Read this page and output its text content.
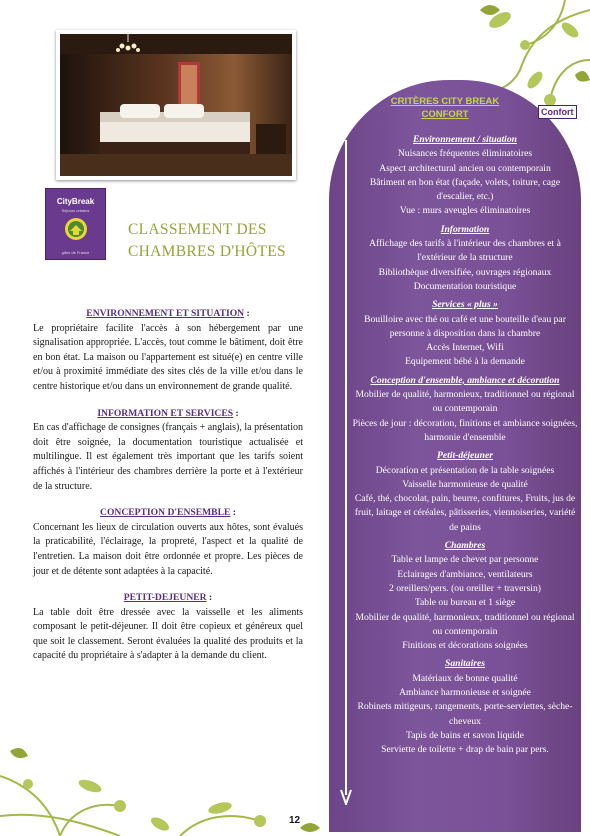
CityBreak
Séjours urbains
gîtes de France
CLASSEMENT DES
CHAMBRES D'HÔTES
ENVIRONNEMENT ET SITUATION :
Le propriétaire facilite l'accès à son hébergement par une signalisation appropriée. L'accès, tout comme le bâtiment, doit être en bon état. La maison ou l'appartement est situé(e) en centre ville et/ou à proximité immédiate des sites clés de la ville et/ou dans le centre historique et/ou dans un environnement de grande qualité.
INFORMATION ET SERVICES :
En cas d'affichage de consignes (français + anglais), la présentation doit être soignée, la documentation touristique actualisée et multilingue. Il est également très important que les tarifs soient affichés à l'intérieur des chambres derrière la porte et à l'extérieur de la structure.
CONCEPTION D'ENSEMBLE :
Concernant les lieux de circulation ouverts aux hôtes, sont évalués la praticabilité, l'éclairage, la propreté, l'aspect et la qualité de l'entretien. La maison doit être ordonnée et propre. Les pièces de jour et de détente sont adaptées à la capacité.
PETIT-DEJEUNER :
La table doit être dressée avec la vaisselle et les aliments composant le petit-déjeuner. Il doit être copieux et généreux quel que soit le classement. Seront évaluées la qualité des produits et la capacité du propriétaire à s'adapter à la demande du client.
CRITÈRES CITY BREAK CONFORT	Confort
Environnement / situation
Nuisances fréquentes éliminatoires
Aspect architectural ancien ou contemporain
Bâtiment en bon état (façade, volets, toiture, cage d'escalier, etc.)
Vue : murs aveugles éliminatoires
Information
Affichage des tarifs à l'intérieur des chambres et à l'extérieur de la structure
Bibliothèque diversifiée, ouvrages régionaux
Documentation touristique
Services « plus »
Bouilloire avec thé ou café et une bouteille d'eau par personne à disposition dans la chambre
Accès Internet, Wifi
Equipement bébé à la demande
Conception d'ensemble, ambiance et décoration
Mobilier de qualité, harmonieux, traditionnel ou régional ou contemporain
Pièces de jour : décoration, finitions et ambiance soignées, harmonie d'ensemble
Petit-déjeuner
Décoration et présentation de la table soignées
Vaisselle harmonieuse de qualité
Café, thé, chocolat, pain, beurre, confitures, Fruits, jus de fruit, laitage et céréales, pâtisseries, viennoiseries, variété de pains
Chambres
Table et lampe de chevet par personne
Eclairages d'ambiance, ventilateurs
2 oreillers/pers. (ou oreiller + traversin)
Table ou bureau et 1 siège
Mobilier de qualité, harmonieux, traditionnel ou régional ou contemporain
Finitions et décorations soignées
Sanitaires
Matériaux de bonne qualité
Ambiance harmonieuse et soignée
Robinets mitigeurs, rangements, porte-serviettes, sèche-cheveux
Tapis de bains et savon liquide
Serviette de toilette + drap de bain par pers.
12
